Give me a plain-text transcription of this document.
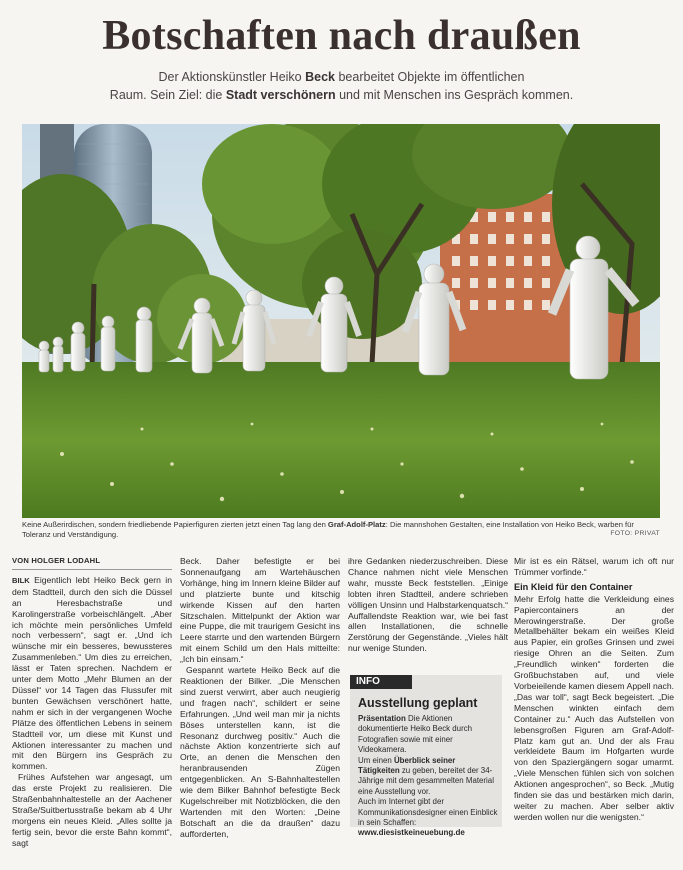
Botschaften nach draußen
Der Aktionskünstler Heiko Beck bearbeitet Objekte im öffentlichen
Raum. Sein Ziel: die Stadt verschönern und mit Menschen ins Gespräch kommen.
Keine Außerirdischen, sondern friedliebende Papierfiguren zierten jetzt einen Tag lang den Graf-Adolf-Platz: Die mannshohen Gestalten, eine Installation von Heiko Beck, warben für Toleranz und Verständigung.	FOTO: PRIVAT
VON HOLGER LODAHL

BILK Eigentlich lebt Heiko Beck gern in dem Stadtteil, durch den sich die Düssel an Heresbachstraße und Karolingerstraße vorbeischlängelt. „Aber ich möchte mein persönliches Umfeld noch verbessern“, sagt er. „Und ich wünsche mir ein besseres, bewussteres Zusammenleben.“ Um dies zu erreichen, lässt er Taten sprechen. Nachdem er unter dem Motto „Mehr Blumen an der Düssel“ vor 14 Tagen das Flussufer mit bunten Gewächsen verschönert hatte, nahm er sich in der vergangenen Woche Plätze des öffentlichen Lebens in seinem Stadtteil vor, um diese mit Kunst und Aktionen interessanter zu machen und mit den Bürgern ins Gespräch zu kommen.

Frühes Aufstehen war angesagt, um das erste Projekt zu realisieren. Die Straßenbahnhaltestelle an der Aachener Straße/Suitbertusstraße bekam ab 4 Uhr morgens ein neues Kleid. „Alles sollte ja fertig sein, bevor die erste Bahn kommt“, sagt

Beck. Daher befestigte er bei Sonnenaufgang am Wartehäuschen Vorhänge, hing im Innern kleine Bilder auf und platzierte bunte und kitschig wirkende Kissen auf den harten Sitzschalen. Mittelpunkt der Aktion war eine Puppe, die mit traurigem Gesicht ins Leere starrte und den wartenden Bürgern mit einem Schild um den Hals mitteilte: „Ich bin einsam.“

Gespannt wartete Heiko Beck auf die Reaktionen der Bilker. „Die Menschen sind zuerst verwirrt, aber auch neugierig und fragen nach“, schildert er seine Erfahrungen. „Und weil man mir ja nichts Böses unterstellen kann, ist die Resonanz durchweg positiv.“ Auch die nächste Aktion konzentrierte sich auf Orte, an denen die Menschen den heranbrausenden Zügen entgegenblicken. An S-Bahnhaltestellen wie dem Bilker Bahnhof befestigte Beck Kugelschreiber mit Notizblöcken, die den Wartenden mit den Worten: „Deine Botschaft an die da draußen“ dazu aufforderten,

ihre Gedanken niederzuschreiben. Diese Chance nahmen nicht viele Menschen wahr, musste Beck feststellen. „Einige lobten ihren Stadtteil, andere schrieben völligen Unsinn und Halbstarkenquatsch.“ Auffallendste Reaktion war, wie bei fast allen Installationen, die schnelle Zerstörung der Gegenstände. „Vieles hält nur wenige Stunden.

Mir ist es ein Rätsel, warum ich oft nur Trümmer vorfinde.“

Ein Kleid für den Container

Mehr Erfolg hatte die Verkleidung eines Papiercontainers an der Merowingerstraße. Der große Metallbehälter bekam ein weißes Kleid aus Papier, ein großes Grinsen und zwei riesige Ohren an die Seiten. Zum „Freundlich winken“ forderten die Großbuchstaben auf, und viele Vorbeieilende kamen diesem Appell nach. „Das war toll“, sagt Beck begeistert. „Die Menschen winkten einfach dem Container zu.“ Auch das Aufstellen von lebensgroßen Figuren am Graf-Adolf-Platz kam gut an. Und der als Frau verkleidete Baum im Hofgarten wurde von den Spaziergängern sogar umarmt. „Viele Menschen fühlen sich von solchen Aktionen angesprochen“, so Beck. „Mutig finden sie das und bestärken mich darin, weiter zu machen. Aber selber aktiv werden wollen nur die wenigsten.“

INFO
Ausstellung geplant

Präsentation Die Aktionen dokumentierte Heiko Beck durch Fotografien sowie mit einer Videokamera.

Um einen Überblick seiner Tätigkeiten zu geben, bereitet der 34-Jährige mit dem gesammelten Material eine Ausstellung vor.

Auch im Internet gibt der Kommunikationsdesigner einen Einblick in sein Schaffen:

www.diesistkeineuebung.de
